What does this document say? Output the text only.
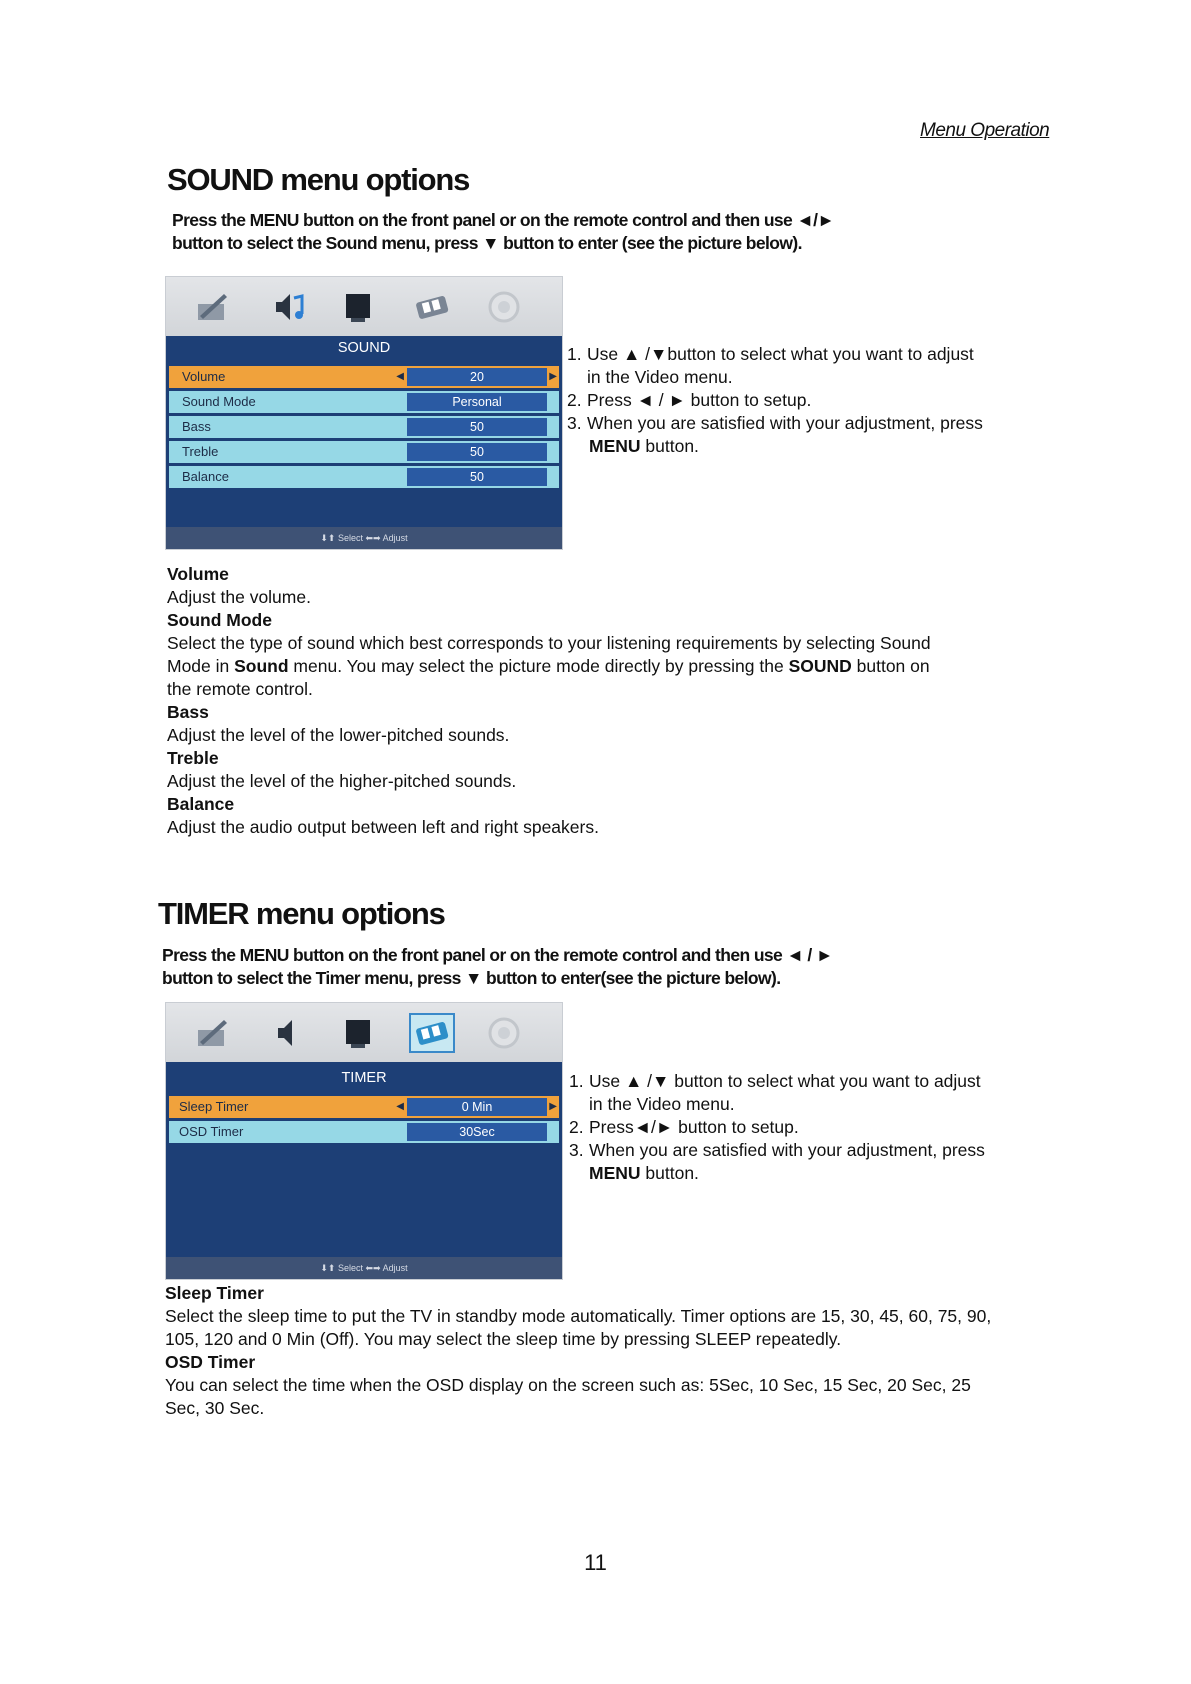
Menu Operation
SOUND menu options
Press the MENU button on the front panel or on the remote control and then use ◄/►
button to select the Sound menu, press ▼ button to enter (see the picture below).
SOUND
Volume	◀	20	▶
Sound Mode	Personal
Bass	50
Treble	50
Balance	50
⬇⬆ Select ⬅➡ Adjust
1. Use ▲ /▼button to select what you want to adjust
in the Video menu.
2. Press ◄ / ► button to setup.
3. When you are satisfied with your adjustment, press
MENU button.

Volume

Adjust the volume.

Sound Mode

Select the type of sound which best corresponds to your listening requirements by selecting Sound

Mode in Sound menu. You may select the picture mode directly by pressing the SOUND button on

the remote control.

Bass

Adjust the level of the lower-pitched sounds.

Treble

Adjust the level of the higher-pitched sounds.

Balance

Adjust the audio output between left and right speakers.

TIMER menu options
Press the MENU button on the front panel or on the remote control and then use ◄ / ►
button to select the Timer menu, press ▼ button to enter(see the picture below).
TIMER
Sleep Timer	◀	0 Min	▶
OSD Timer	30Sec
⬇⬆ Select ⬅➡ Adjust
1. Use ▲ /▼ button to select what you want to adjust
in the Video menu.
2. Press◄/► button to setup.
3. When you are satisfied with your adjustment, press
MENU button.

Sleep Timer

Select the sleep time to put the TV in standby mode automatically. Timer options are 15, 30, 45, 60, 75, 90,

105, 120 and 0 Min (Off). You may select the sleep time by pressing SLEEP repeatedly.

OSD Timer

You can select the time when the OSD display on the screen such as: 5Sec, 10 Sec, 15 Sec, 20 Sec, 25

Sec, 30 Sec.

11
